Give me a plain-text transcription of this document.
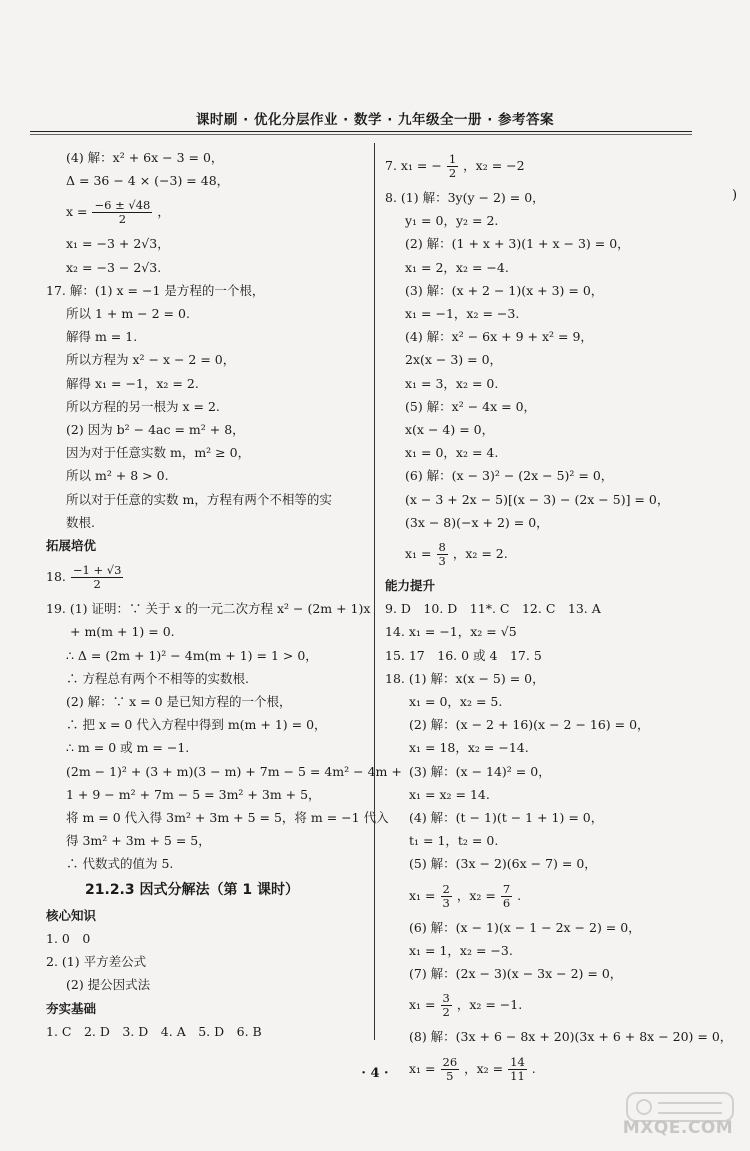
课时刷 · 优化分层作业 · 数学 · 九年级全一册 · 参考答案
)
(4) 解：x² + 6x − 3 = 0，
Δ = 36 − 4 × (−3) = 48，
$x = \frac{-6 \pm √48}{2}$ ，
x₁ = −3 + 2√3，
x₂ = −3 − 2√3.
17. 解：(1) x = −1 是方程的一个根，
所以 1 + m − 2 = 0.
解得 m = 1.
所以方程为 x² − x − 2 = 0，
解得 x₁ = −1，x₂ = 2.
所以方程的另一根为 x = 2.
(2) 因为 b² − 4ac = m² + 8，
因为对于任意实数 m，m² ≥ 0，
所以 m² + 8 > 0.
所以对于任意的实数 m，方程有两个不相等的实
数根.
拓展培优
18. $\frac{-1 + √3}{2}$
19. (1) 证明：∵ 关于 x 的一元二次方程 x² − (2m + 1)x
+ m(m + 1) = 0.
∴ Δ = (2m + 1)² − 4m(m + 1) = 1 > 0，
∴ 方程总有两个不相等的实数根.
(2) 解：∵ x = 0 是已知方程的一个根，
∴ 把 x = 0 代入方程中得到 m(m + 1) = 0，
∴ m = 0 或 m = −1.
(2m − 1)² + (3 + m)(3 − m) + 7m − 5 = 4m² − 4m +
1 + 9 − m² + 7m − 5 = 3m² + 3m + 5，
将 m = 0 代入得 3m² + 3m + 5 = 5，将 m = −1 代入
得 3m² + 3m + 5 = 5，
∴ 代数式的值为 5.
21.2.3 因式分解法（第 1 课时）
核心知识
1. 0　0
2. (1) 平方差公式
(2) 提公因式法
夯实基础
1. C　2. D　3. D　4. A　5. D　6. B
7. x₁ = − $\frac{1}{2}$ ，x₂ = −2
8. (1) 解：3y(y − 2) = 0，
y₁ = 0，y₂ = 2.
(2) 解：(1 + x + 3)(1 + x − 3) = 0，
x₁ = 2，x₂ = −4.
(3) 解：(x + 2 − 1)(x + 3) = 0，
x₁ = −1，x₂ = −3.
(4) 解：x² − 6x + 9 + x² = 9，
2x(x − 3) = 0，
x₁ = 3，x₂ = 0.
(5) 解：x² − 4x = 0，
x(x − 4) = 0，
x₁ = 0，x₂ = 4.
(6) 解：(x − 3)² − (2x − 5)² = 0，
(x − 3 + 2x − 5)[(x − 3) − (2x − 5)] = 0，
(3x − 8)(−x + 2) = 0，
$x_1 = \frac{8}{3}$ ，x₂ = 2.
能力提升
9. D　10. D　11*. C　12. C　13. A
14. x₁ = −1，x₂ = √5
15. 17　16. 0 或 4　17. 5
18. (1) 解：x(x − 5) = 0，
x₁ = 0，x₂ = 5.
(2) 解：(x − 2 + 16)(x − 2 − 16) = 0，
x₁ = 18，x₂ = −14.
(3) 解：(x − 14)² = 0，
x₁ = x₂ = 14.
(4) 解：(t − 1)(t − 1 + 1) = 0，
t₁ = 1，t₂ = 0.
(5) 解：(3x − 2)(6x − 7) = 0，
$x_1 = \frac{2}{3}$ ，$x_2 = \frac{7}{6}$ .
(6) 解：(x − 1)(x − 1 − 2x − 2) = 0，
x₁ = 1，x₂ = −3.
(7) 解：(2x − 3)(x − 3x − 2) = 0，
$x_1 = \frac{3}{2}$ ，x₂ = −1.
(8) 解：(3x + 6 − 8x + 20)(3x + 6 + 8x − 20) = 0，
$x_1 = \frac{26}{5}$ ，$x_2 = \frac{14}{11}$ .
· 4 ·
MXQE.COM
